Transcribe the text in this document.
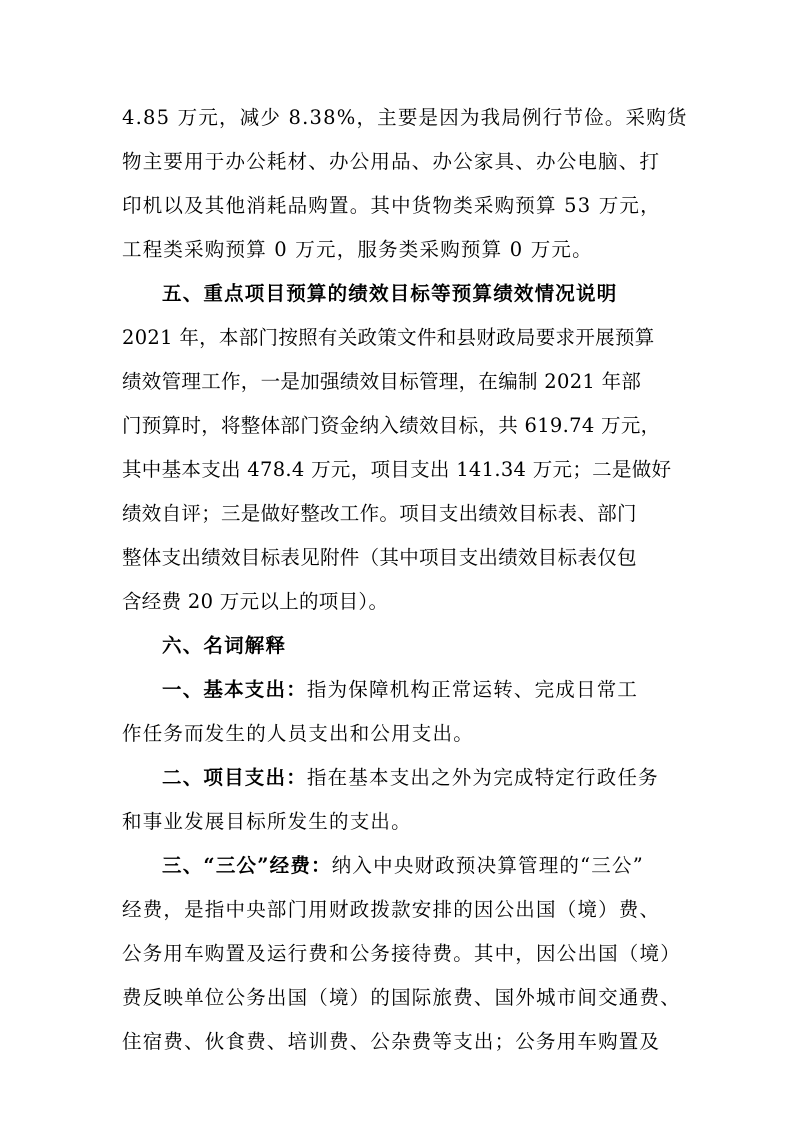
4.85 万元，减少 8.38%，主要是因为我局例行节俭。采购货
物主要用于办公耗材、办公用品、办公家具、办公电脑、打
印机以及其他消耗品购置。其中货物类采购预算 53 万元，
工程类采购预算 0 万元，服务类采购预算 0 万元。
五、重点项目预算的绩效目标等预算绩效情况说明
2021 年，本部门按照有关政策文件和县财政局要求开展预算
绩效管理工作，一是加强绩效目标管理，在编制 2021 年部
门预算时，将整体部门资金纳入绩效目标，共 619.74 万元，
其中基本支出 478.4 万元，项目支出 141.34 万元；二是做好
绩效自评；三是做好整改工作。项目支出绩效目标表、部门
整体支出绩效目标表见附件（其中项目支出绩效目标表仅包
含经费 20 万元以上的项目）。
六、名词解释
一、基本支出：指为保障机构正常运转、完成日常工
作任务而发生的人员支出和公用支出。
二、项目支出：指在基本支出之外为完成特定行政任务
和事业发展目标所发生的支出。
三、“三公”经费：纳入中央财政预决算管理的“三公”
经费，是指中央部门用财政拨款安排的因公出国（境）费、
公务用车购置及运行费和公务接待费。其中，因公出国（境）
费反映单位公务出国（境）的国际旅费、国外城市间交通费、
住宿费、伙食费、培训费、公杂费等支出；公务用车购置及
